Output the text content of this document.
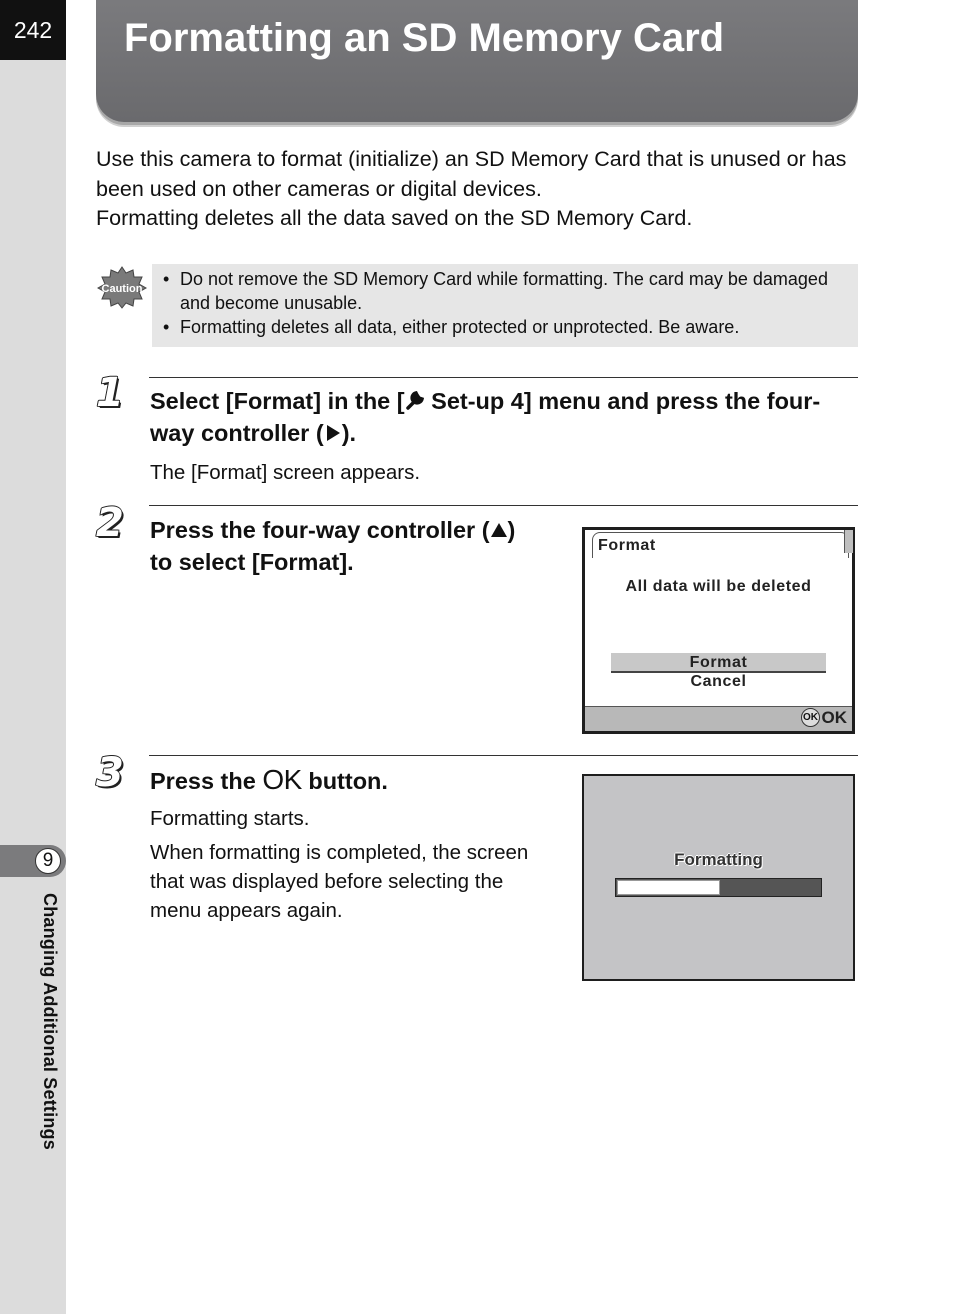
242
9
Changing Additional Settings
Formatting an SD Memory Card

Use this camera to format (initialize) an SD Memory Card that is unused or has been used on other cameras or digital devices.

Formatting deletes all the data saved on the SD Memory Card.

Caution • Do not remove the SD Memory Card while formatting. The card may be damaged and become unusable.
• Formatting deletes all data, either protected or unprotected. Be aware.
1 Select [Format] in the [ Set-up 4] menu and press the four-way controller ( ).

The [Format] screen appears.

2 Press the four-way controller ( )
to select [Format].
Format
All data will be deleted
Format
Cancel
OK OK
3 Press the OK button.

Formatting starts.

When formatting is completed, the screen that was displayed before selecting the menu appears again.

Formatting
